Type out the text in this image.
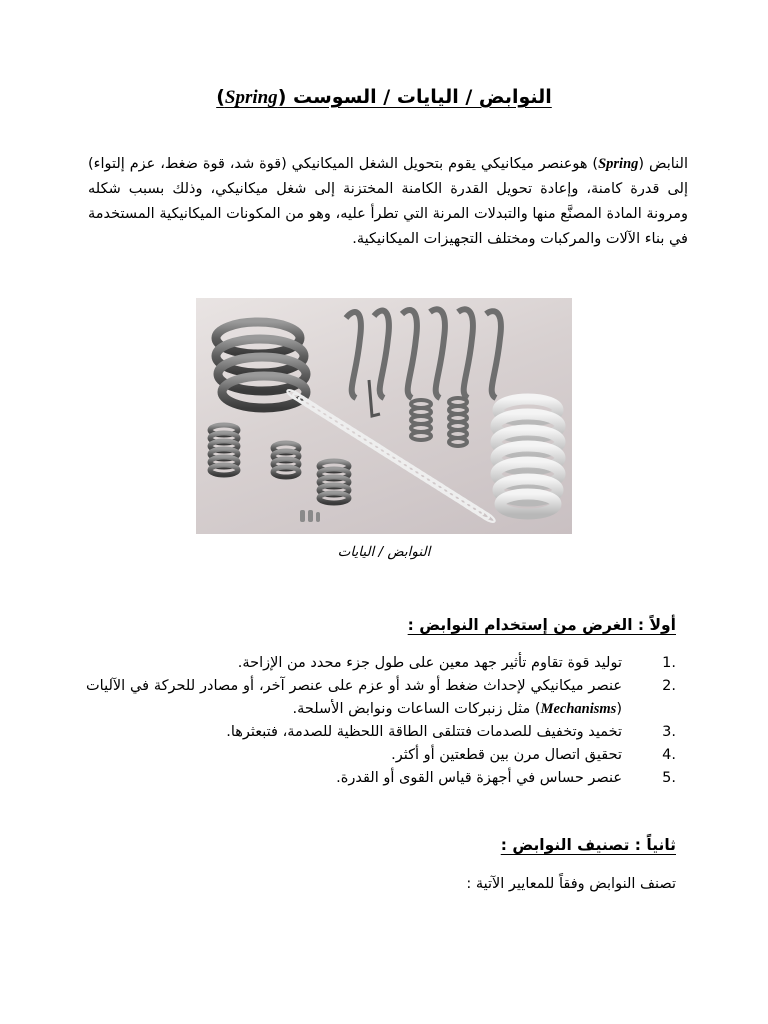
النوابض / اليايات / السوست (Spring)

النابض (Spring) هوعنصر ميكانيكي يقوم بتحويل الشغل الميكانيكي (قوة شد، قوة ضغط، عزم إلتواء) إلى قدرة كامنة، وإعادة تحويل القدرة الكامنة المختزنة إلى شغل ميكانيكي، وذلك بسبب شكله ومرونة المادة المصنَّع منها والتبدلات المرنة التي تطرأ عليه، وهو من المكونات الميكانيكية المستخدمة في بناء الآلات والمركبات ومختلف التجهيزات الميكانيكية.

النوابض / اليايات
أولاً : الغرض من إستخدام النوابض :
1.
توليد قوة تقاوم تأثير جهد معين على طول جزء محدد من الإزاحة.
2.
عنصر ميكانيكي لإحداث ضغط أو شد أو عزم على عنصر آخر، أو مصادر للحركة في الآليات (Mechanisms) مثل زنبركات الساعات ونوابض الأسلحة.
3.
تخميد وتخفيف للصدمات فتتلقى الطاقة اللحظية للصدمة، فتبعثرها.
4.
تحقيق اتصال مرن بين قطعتين أو أكثر.
5.
عنصر حساس في أجهزة قياس القوى أو القدرة.
ثانياً : تصنيف النوابض :
تصنف النوابض وفقاً للمعايير الآتية :
